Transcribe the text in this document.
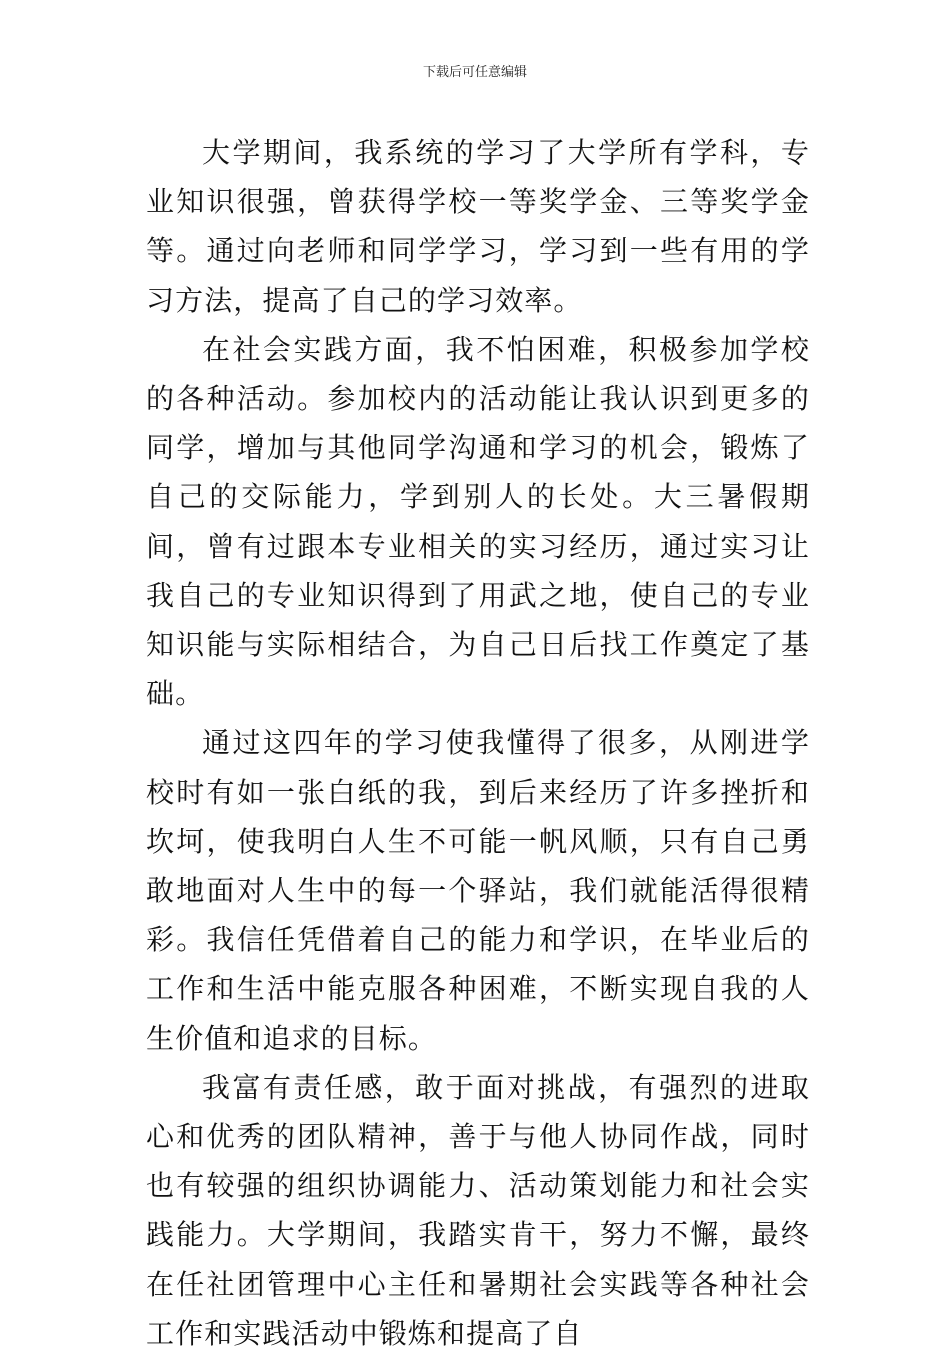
下载后可任意编辑

大学期间，我系统的学习了大学所有学科，专业知识很强，曾获得学校一等奖学金、三等奖学金等。通过向老师和同学学习，学习到一些有用的学习方法，提高了自己的学习效率。

在社会实践方面，我不怕困难，积极参加学校的各种活动。参加校内的活动能让我认识到更多的同学，增加与其他同学沟通和学习的机会，锻炼了自己的交际能力，学到别人的长处。大三暑假期间，曾有过跟本专业相关的实习经历，通过实习让我自己的专业知识得到了用武之地，使自己的专业知识能与实际相结合，为自己日后找工作奠定了基础。

通过这四年的学习使我懂得了很多，从刚进学校时有如一张白纸的我，到后来经历了许多挫折和坎坷，使我明白人生不可能一帆风顺，只有自己勇敢地面对人生中的每一个驿站，我们就能活得很精彩。我信任凭借着自己的能力和学识，在毕业后的工作和生活中能克服各种困难，不断实现自我的人生价值和追求的目标。

我富有责任感，敢于面对挑战，有强烈的进取心和优秀的团队精神，善于与他人协同作战，同时也有较强的组织协调能力、活动策划能力和社会实践能力。大学期间，我踏实肯干，努力不懈，最终在任社团管理中心主任和暑期社会实践等各种社会工作和实践活动中锻炼和提高了自
